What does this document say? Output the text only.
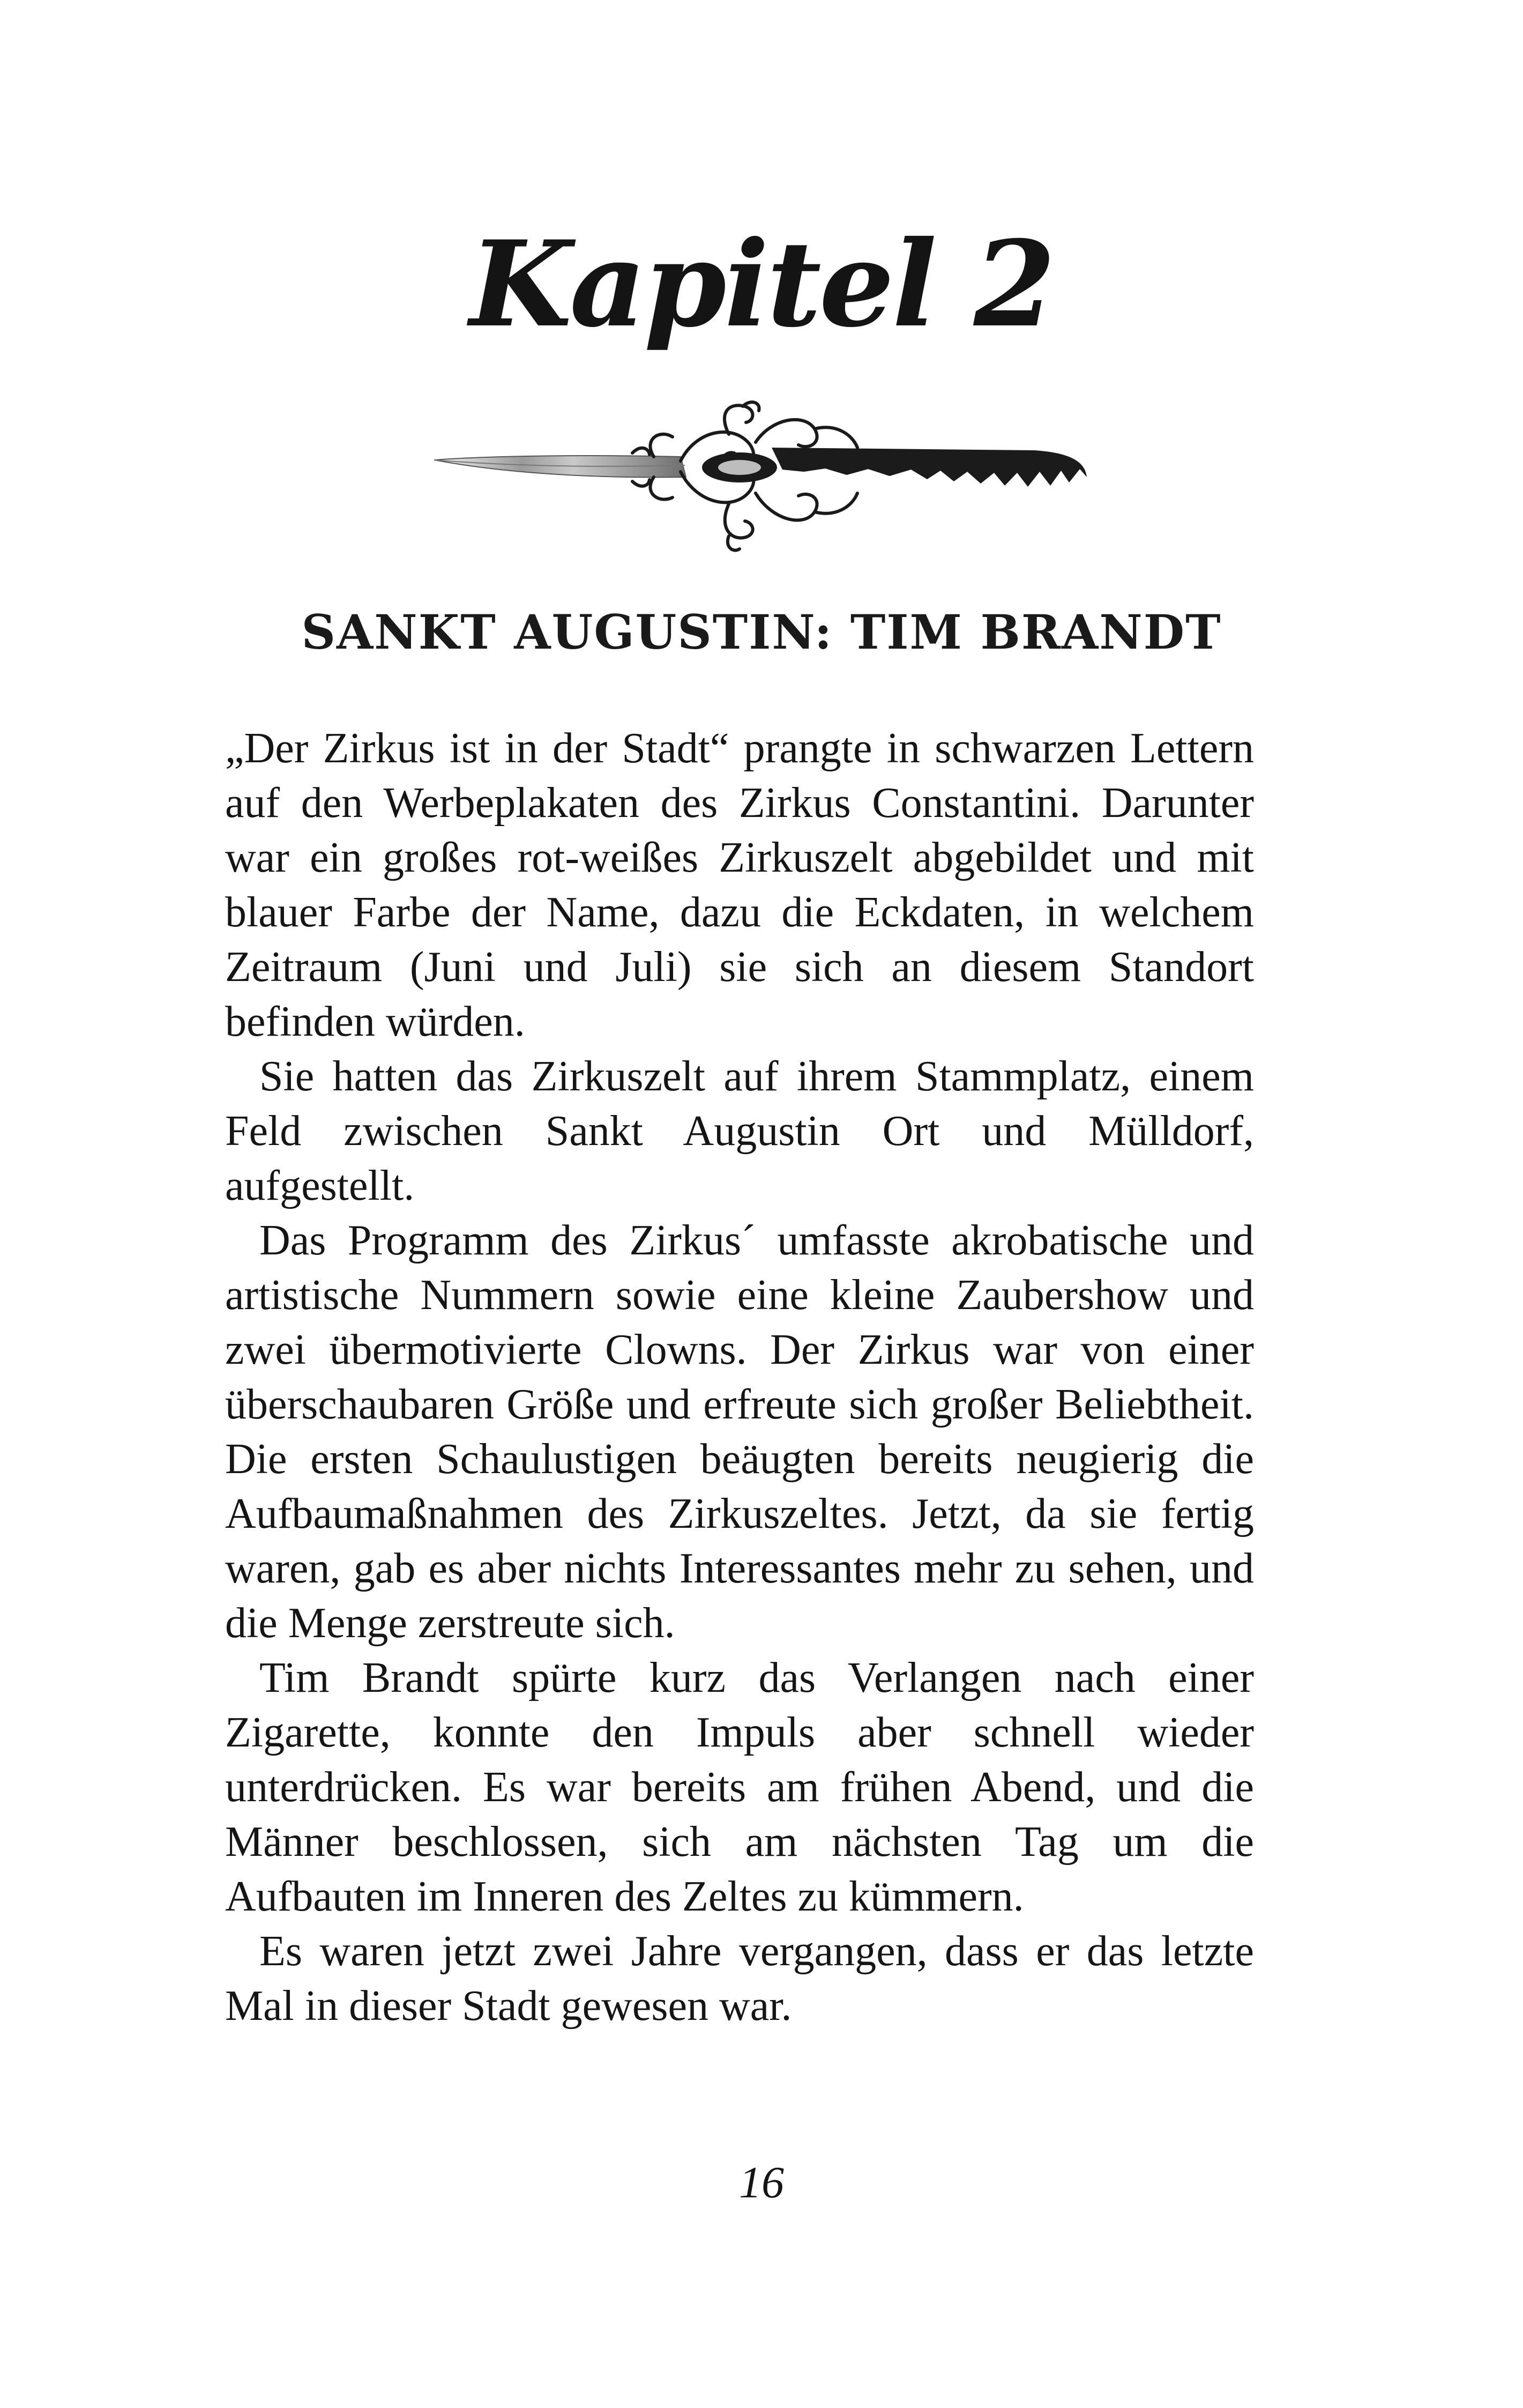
Kapitel 2
SANKT AUGUSTIN: TIM BRANDT

„Der Zirkus ist in der Stadt“ prangte in schwarzen Lettern auf den Werbeplakaten des Zirkus Constantini. Darunter war ein großes rot-weißes Zirkuszelt abgebildet und mit blauer Farbe der Name, dazu die Eckdaten, in welchem Zeitraum (Juni und Juli) sie sich an diesem Standort befinden würden.

Sie hatten das Zirkuszelt auf ihrem Stammplatz, einem Feld zwischen Sankt Augustin Ort und Mülldorf, aufgestellt.

Das Programm des Zirkus´ umfasste akrobatische und artistische Nummern sowie eine kleine Zaubershow und zwei übermotivierte Clowns. Der Zirkus war von einer überschaubaren Größe und erfreute sich großer Beliebtheit. Die ersten Schaulustigen beäugten bereits neugierig die Aufbaumaßnahmen des Zirkuszeltes. Jetzt, da sie fertig waren, gab es aber nichts Interessantes mehr zu sehen, und die Menge zerstreute sich.

Tim Brandt spürte kurz das Verlangen nach einer Zigarette, konnte den Impuls aber schnell wieder unterdrücken. Es war bereits am frühen Abend, und die Männer beschlossen, sich am nächsten Tag um die Aufbauten im Inneren des Zeltes zu kümmern.

Es waren jetzt zwei Jahre vergangen, dass er das letzte Mal in dieser Stadt gewesen war.

16
